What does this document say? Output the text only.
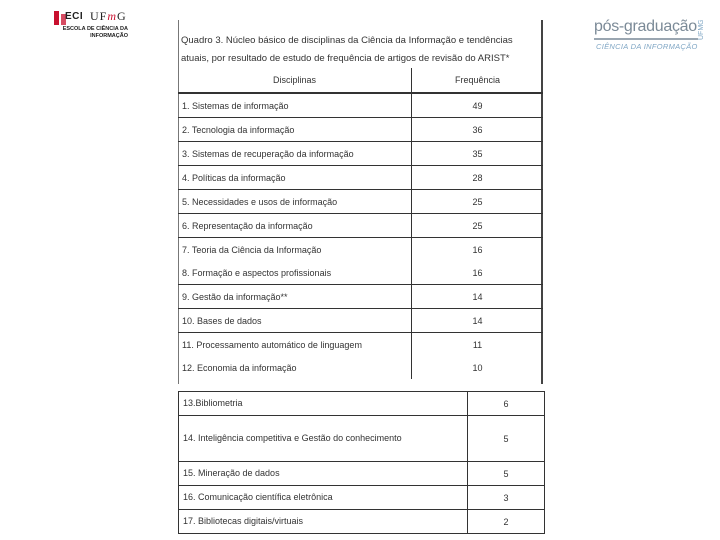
ECI UFmG
ESCOLA DE CIÊNCIA DA INFORMAÇÃO
pós-graduação
CIÊNCIA DA INFORMAÇÃO
UFMG
Quadro 3. Núcleo básico de disciplinas da Ciência da Informação e tendências atuais, por resultado de estudo de frequência de artigos de revisão do ARIST*
Disciplinas	Frequência
1. Sistemas de informação	49
2. Tecnologia da informação	36
3. Sistemas de recuperação da informação	35
4. Políticas da informação	28
5. Necessidades e usos de informação	25
6. Representação da informação	25
7. Teoria da Ciência da Informação	16
8. Formação e aspectos profissionais	16
9. Gestão da informação**	14
10. Bases de dados	14
11. Processamento automático de linguagem	11
12. Economia da informação	10
13.Bibliometria	6
14. Inteligência competitiva e Gestão do conhecimento	5
15. Mineração de dados	5
16. Comunicação científica eletrônica	3
17. Bibliotecas digitais/virtuais	2
